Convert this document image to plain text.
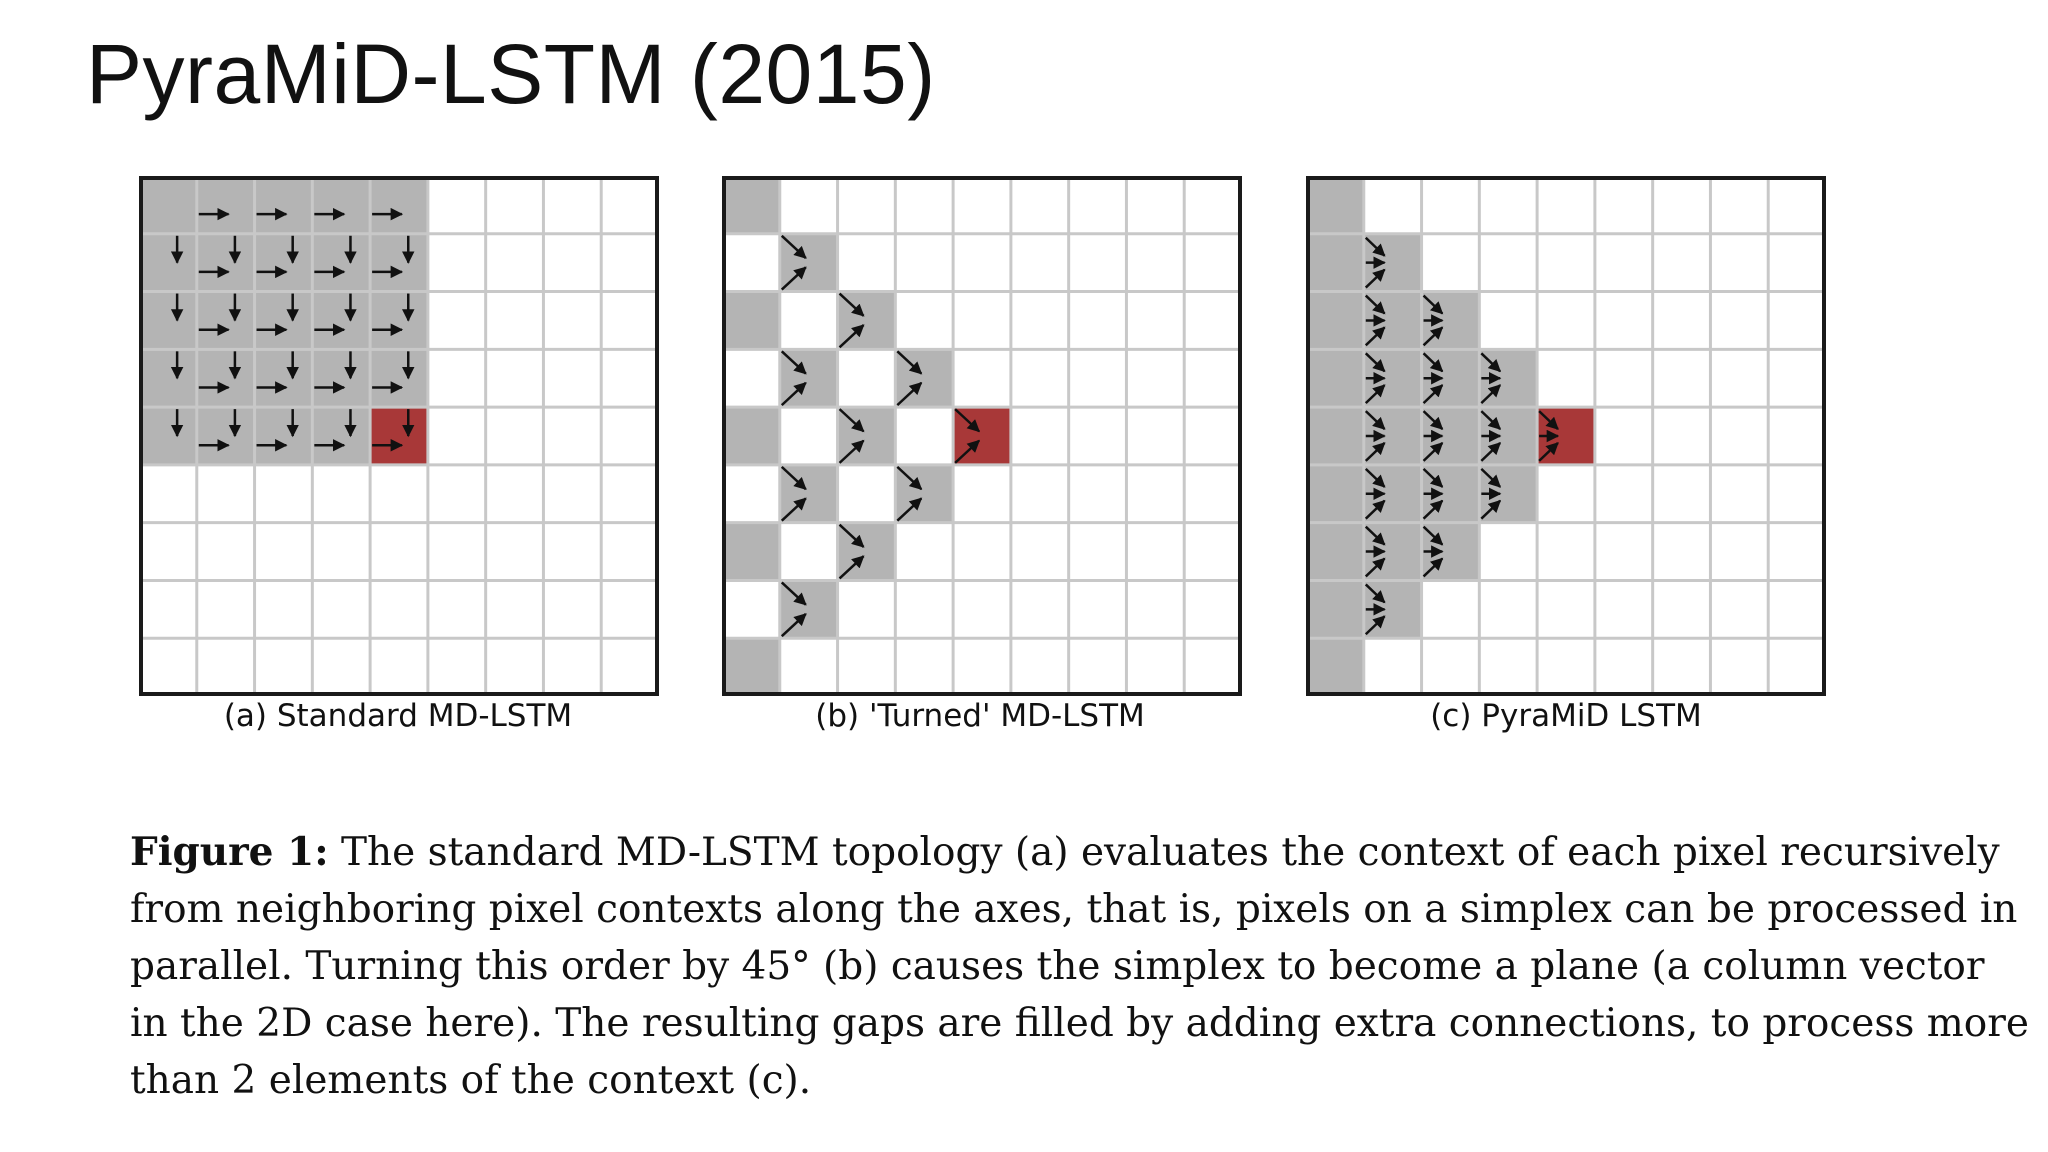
PyraMiD-LSTM (2015)
(a) Standard MD-LSTM	(b) 'Turned' MD-LSTM	(c) PyraMiD LSTM
Figure 1: The standard MD-LSTM topology (a) evaluates the context of each pixel recursively
from neighboring pixel contexts along the axes, that is, pixels on a simplex can be processed in
parallel. Turning this order by 45° (b) causes the simplex to become a plane (a column vector
in the 2D case here). The resulting gaps are filled by adding extra connections, to process more
than 2 elements of the context (c).
